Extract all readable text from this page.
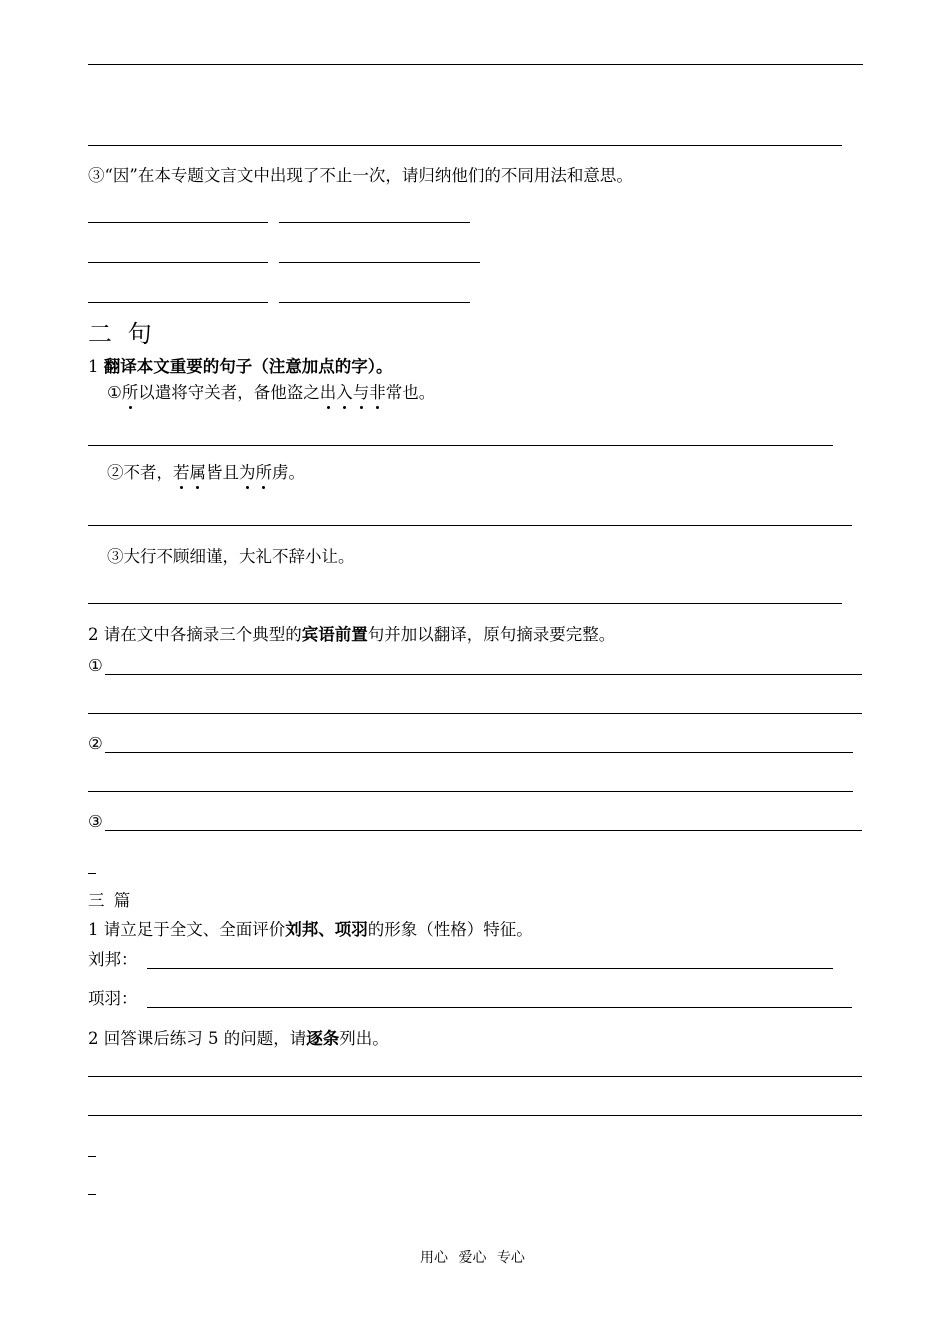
③“因”在本专题文言文中出现了不止一次，请归纳他们的不同用法和意思。
二 句
1 翻译本文重要的句子（注意加点的字）。
①所以遣将守关者，备他盗之出入与非常也。
②不者，若属皆且为所虏。
③大行不顾细谨，大礼不辞小让。
2 请在文中各摘录三个典型的宾语前置句并加以翻译，原句摘录要完整。
①
②
③
三 篇
1 请立足于全文、全面评价刘邦、项羽的形象（性格）特征。
刘邦：
项羽：
2 回答课后练习 5 的问题，请逐条列出。
用心 爱心 专心
